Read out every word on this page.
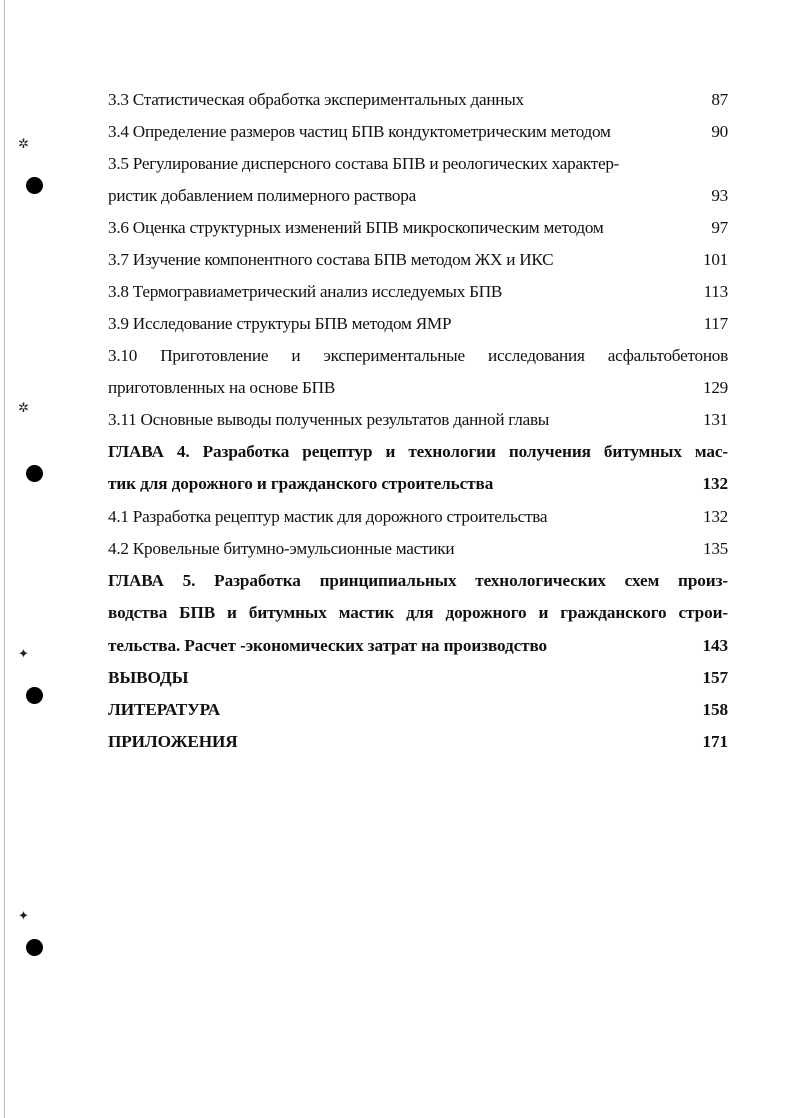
✲
✲
✦
✦
3.3 Статистическая обработка экспериментальных данных	87
3.4 Определение размеров частиц БПВ кондуктометрическим методом	90
3.5 Регулирование дисперсного состава БПВ и реологических характер-
ристик добавлением полимерного раствора	93
3.6 Оценка структурных изменений БПВ микроскопическим методом	97
3.7 Изучение компонентного состава БПВ методом ЖХ и ИКС	101
3.8 Термогравиаметрический анализ исследуемых БПВ	113
3.9 Исследование структуры БПВ методом ЯМР	117
3.10 Приготовление и экспериментальные исследования асфальтобетонов
приготовленных на основе БПВ	129
3.11 Основные выводы полученных результатов данной главы	131
ГЛАВА 4. Разработка рецептур и технологии получения битумных мас-
тик для дорожного и гражданского строительства	132
4.1 Разработка рецептур мастик для дорожного строительства	132
4.2 Кровельные битумно-эмульсионные мастики	135
ГЛАВА 5. Разработка принципиальных технологических схем произ-
водства БПВ и битумных мастик для дорожного и гражданского строи-
тельства. Расчет -экономических затрат на производство	143
ВЫВОДЫ	157
ЛИТЕРАТУРА	158
ПРИЛОЖЕНИЯ	171
